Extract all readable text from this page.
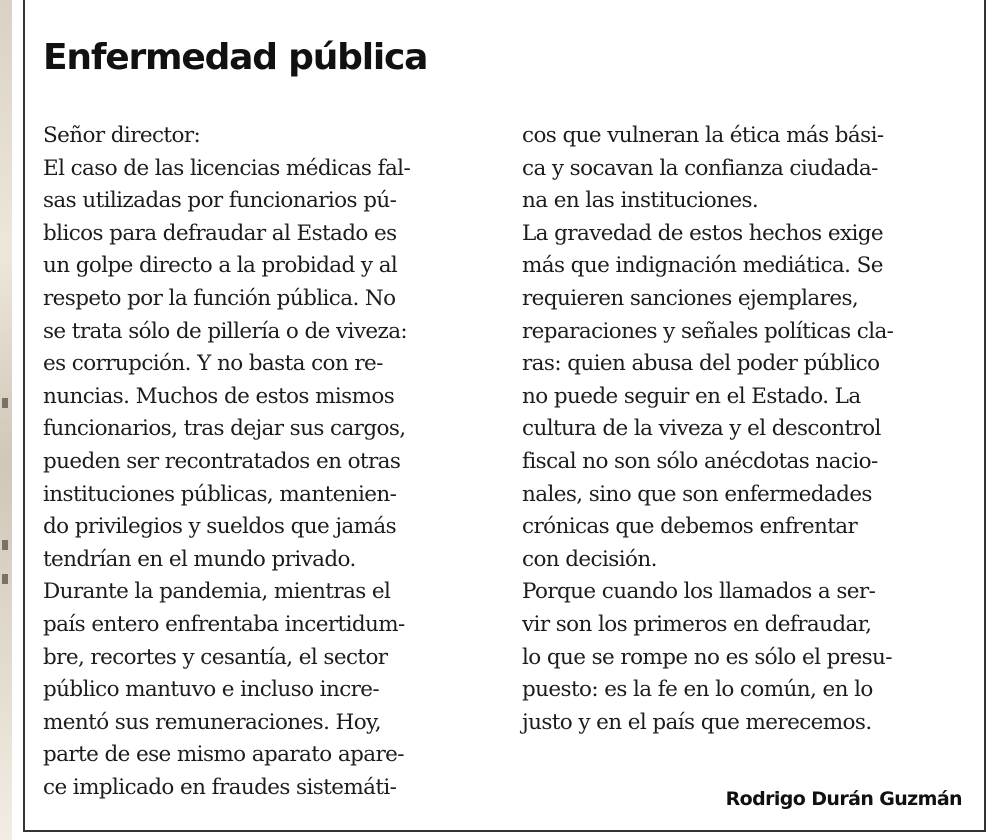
Enfermedad pública
Señor director:
El caso de las licencias médicas fal-
sas utilizadas por funcionarios pú-
blicos para defraudar al Estado es
un golpe directo a la probidad y al
respeto por la función pública. No
se trata sólo de pillería o de viveza:
es corrupción. Y no basta con re-
nuncias. Muchos de estos mismos
funcionarios, tras dejar sus cargos,
pueden ser recontratados en otras
instituciones públicas, mantenien-
do privilegios y sueldos que jamás
tendrían en el mundo privado.
Durante la pandemia, mientras el
país entero enfrentaba incertidum-
bre, recortes y cesantía, el sector
público mantuvo e incluso incre-
mentó sus remuneraciones. Hoy,
parte de ese mismo aparato apare-
ce implicado en fraudes sistemáti-
cos que vulneran la ética más bási-
ca y socavan la confianza ciudada-
na en las instituciones.
La gravedad de estos hechos exige
más que indignación mediática. Se
requieren sanciones ejemplares,
reparaciones y señales políticas cla-
ras: quien abusa del poder público
no puede seguir en el Estado. La
cultura de la viveza y el descontrol
fiscal no son sólo anécdotas nacio-
nales, sino que son enfermedades
crónicas que debemos enfrentar
con decisión.
Porque cuando los llamados a ser-
vir son los primeros en defraudar,
lo que se rompe no es sólo el presu-
puesto: es la fe en lo común, en lo
justo y en el país que merecemos.
Rodrigo Durán Guzmán
